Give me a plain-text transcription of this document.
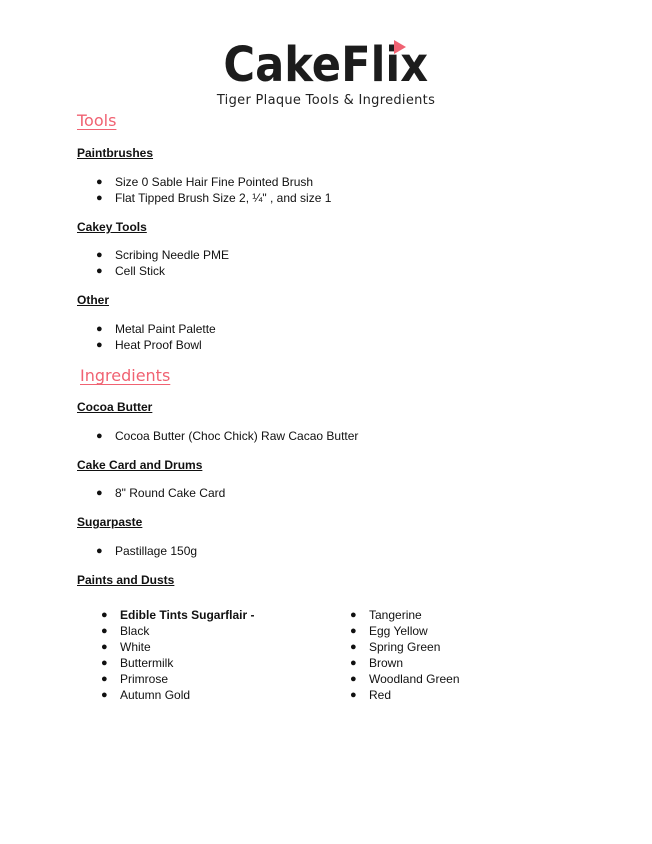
CakeFlix
Tiger Plaque Tools & Ingredients
Tools
Paintbrushes
● Size 0 Sable Hair Fine Pointed Brush
● Flat Tipped Brush Size 2, ¼" , and size 1
Cakey Tools
● Scribing Needle PME
● Cell Stick
Other
● Metal Paint Palette
● Heat Proof Bowl
Ingredients
Cocoa Butter
● Cocoa Butter (Choc Chick) Raw Cacao Butter
Cake Card and Drums
● 8" Round Cake Card
Sugarpaste
● Pastillage 150g
Paints and Dusts
● Edible Tints Sugarflair -
● Black
● White
● Buttermilk
● Primrose
● Autumn Gold
● Tangerine
● Egg Yellow
● Spring Green
● Brown
● Woodland Green
● Red
